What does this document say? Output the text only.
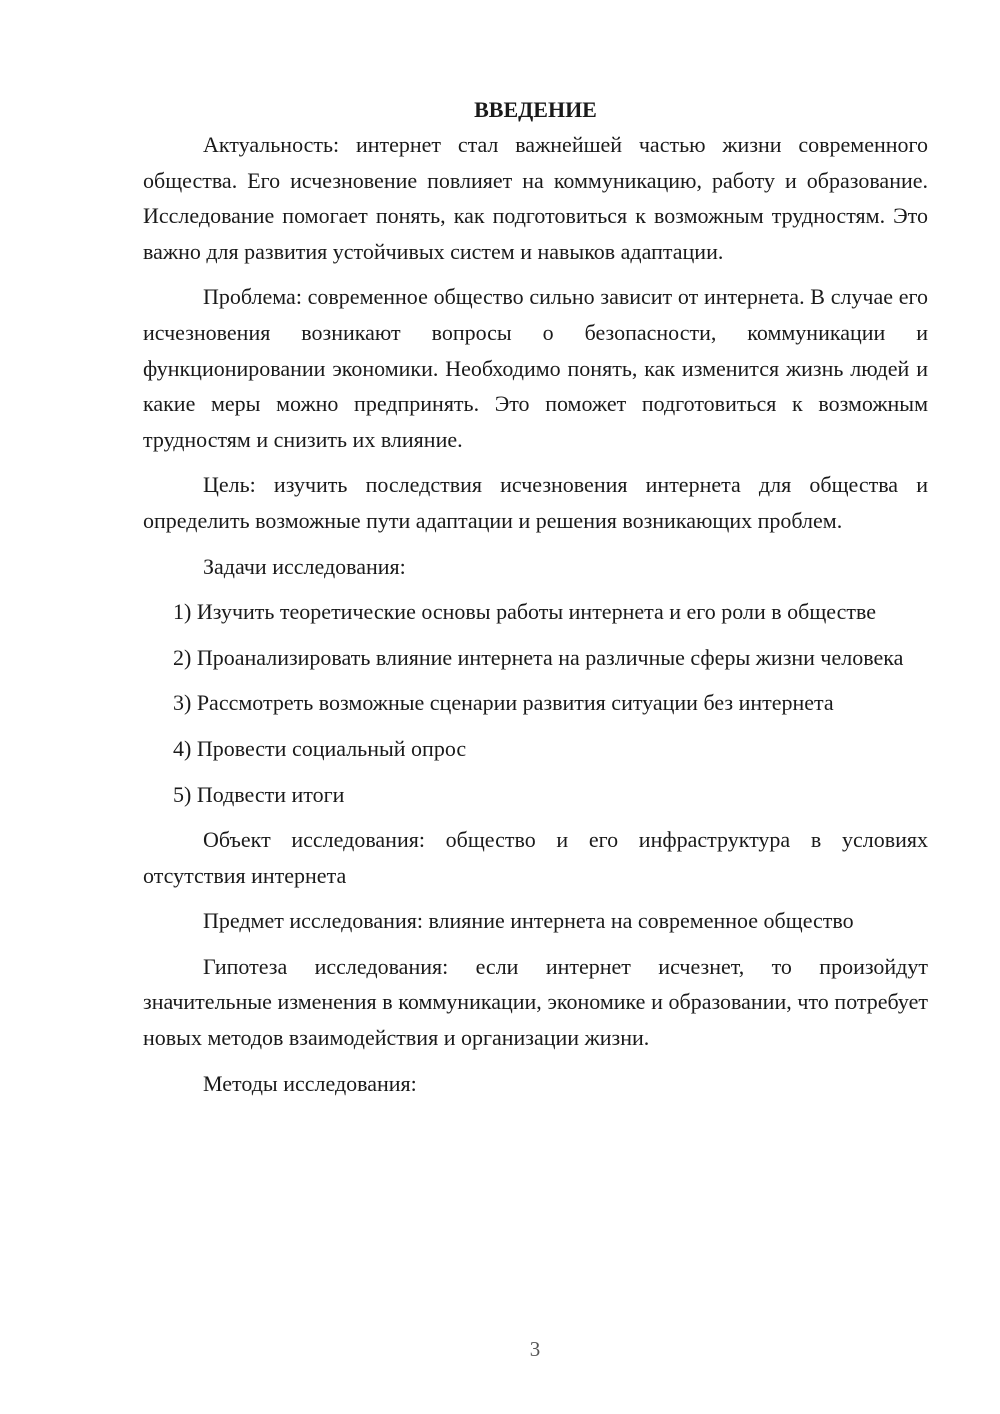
ВВЕДЕНИЕ

Актуальность: интернет стал важнейшей частью жизни современного общества. Его исчезновение повлияет на коммуникацию, работу и образование. Исследование помогает понять, как подготовиться к возможным трудностям. Это важно для развития устойчивых систем и навыков адаптации.

Проблема: современное общество сильно зависит от интернета. В случае его исчезновения возникают вопросы о безопасности, коммуникации и функционировании экономики. Необходимо понять, как изменится жизнь людей и какие меры можно предпринять. Это поможет подготовиться к возможным трудностям и снизить их влияние.

Цель: изучить последствия исчезновения интернета для общества и определить возможные пути адаптации и решения возникающих проблем.

Задачи исследования:

1) Изучить теоретические основы работы интернета и его роли в обществе

2) Проанализировать влияние интернета на различные сферы жизни человека

3) Рассмотреть возможные сценарии развития ситуации без интернета

4) Провести социальный опрос

5) Подвести итоги

Объект исследования: общество и его инфраструктура в условиях отсутствия интернета

Предмет исследования: влияние интернета на современное общество

Гипотеза исследования: если интернет исчезнет, то произойдут значительные изменения в коммуникации, экономике и образовании, что потребует новых методов взаимодействия и организации жизни.

Методы исследования:

3
